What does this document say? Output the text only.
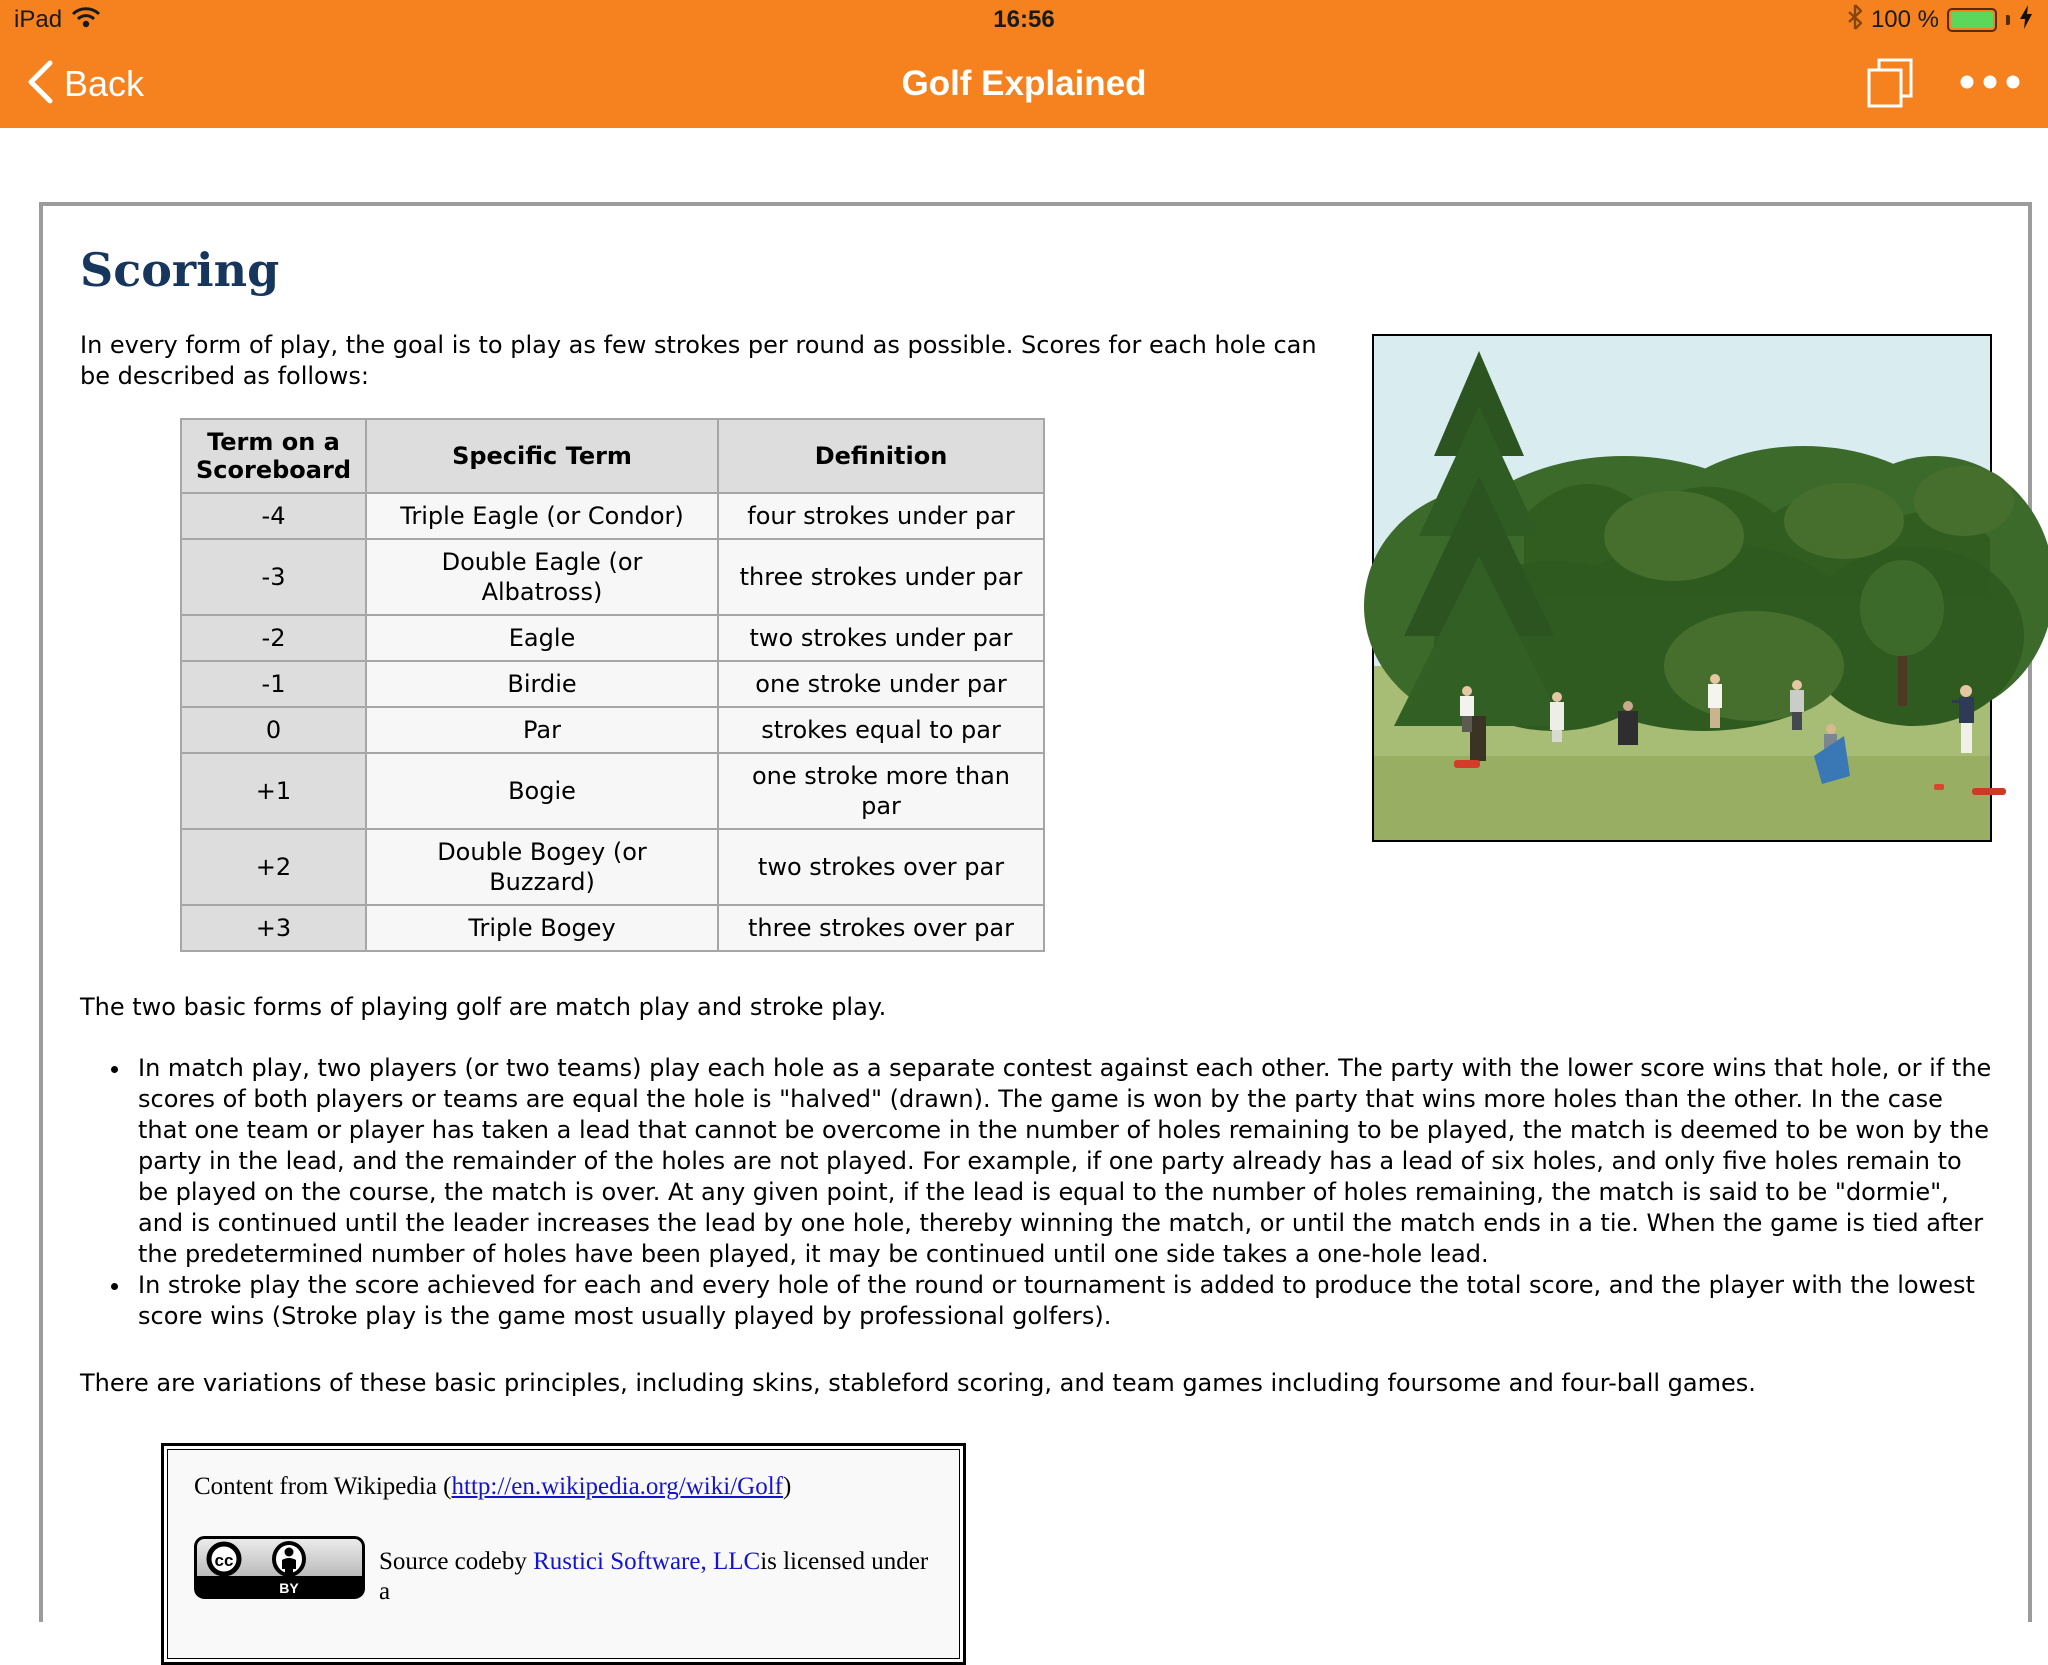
iPad	16:56	100 %
Back	Golf Explained
Scoring

In every form of play, the goal is to play as few strokes per round as possible. Scores for each hole can be described as follows:

Term on a Scoreboard	Specific Term	Definition
-4	Triple Eagle (or Condor)	four strokes under par
-3	Double Eagle (or Albatross)	three strokes under par
-2	Eagle	two strokes under par
-1	Birdie	one stroke under par
0	Par	strokes equal to par
+1	Bogie	one stroke more than par
+2	Double Bogey (or Buzzard)	two strokes over par
+3	Triple Bogey	three strokes over par

The two basic forms of playing golf are match play and stroke play.

• In match play, two players (or two teams) play each hole as a separate contest against each other. The party with the lower score wins that hole, or if the scores of both players or teams are equal the hole is "halved" (drawn). The game is won by the party that wins more holes than the other. In the case that one team or player has taken a lead that cannot be overcome in the number of holes remaining to be played, the match is deemed to be won by the party in the lead, and the remainder of the holes are not played. For example, if one party already has a lead of six holes, and only five holes remain to be played on the course, the match is over. At any given point, if the lead is equal to the number of holes remaining, the match is said to be "dormie", and is continued until the leader increases the lead by one hole, thereby winning the match, or until the match ends in a tie. When the game is tied after the predetermined number of holes have been played, it may be continued until one side takes a one-hole lead.
• In stroke play the score achieved for each and every hole of the round or tournament is added to produce the total score, and the player with the lowest score wins (Stroke play is the game most usually played by professional golfers).

There are variations of these basic principles, including skins, stableford scoring, and team games including foursome and four-ball games.

Content from Wikipedia (http://en.wikipedia.org/wiki/Golf)
cc
BY
Source codeby Rustici Software, LLCis licensed under a
